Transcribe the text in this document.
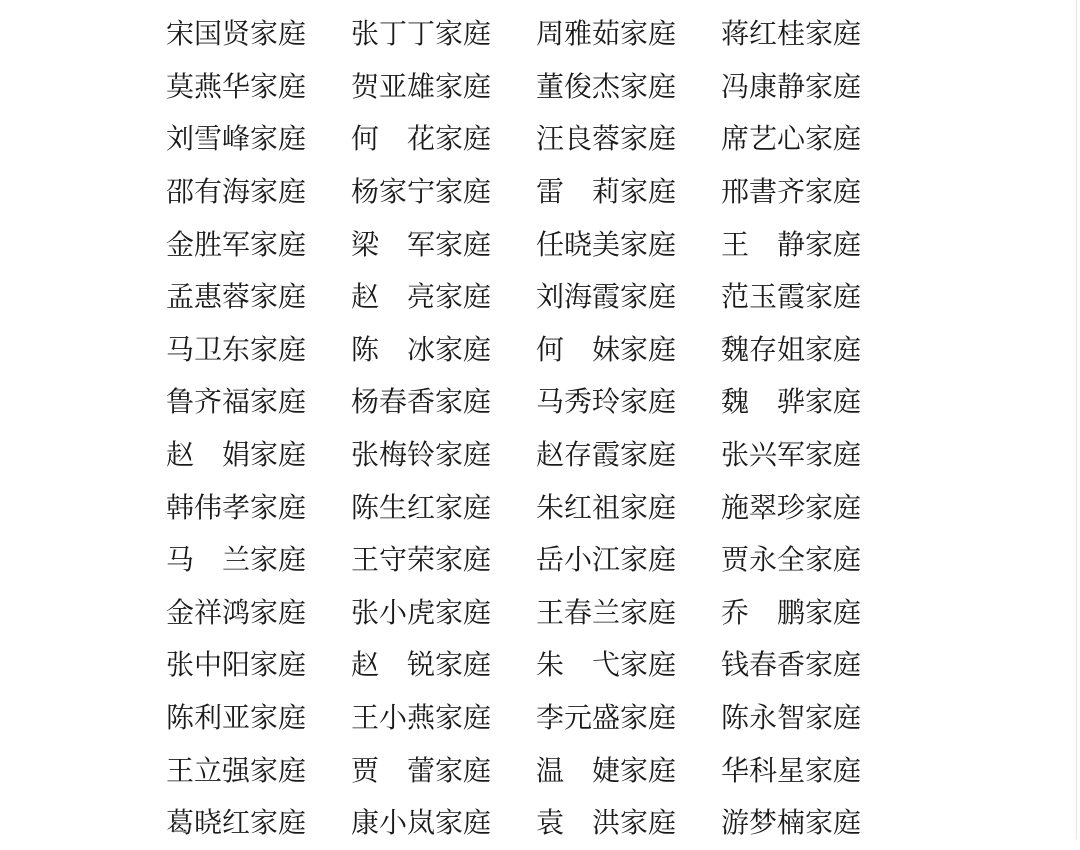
宋国贤家庭	张丁丁家庭	周雅茹家庭	蒋红桂家庭
莫燕华家庭	贺亚雄家庭	董俊杰家庭	冯康静家庭
刘雪峰家庭	何　花家庭	汪良蓉家庭	席艺心家庭
邵有海家庭	杨家宁家庭	雷　莉家庭	邢書齐家庭
金胜军家庭	梁　军家庭	任晓美家庭	王　静家庭
孟惠蓉家庭	赵　亮家庭	刘海霞家庭	范玉霞家庭
马卫东家庭	陈　冰家庭	何　妹家庭	魏存姐家庭
鲁齐福家庭	杨春香家庭	马秀玲家庭	魏　骅家庭
赵　娟家庭	张梅铃家庭	赵存霞家庭	张兴军家庭
韩伟孝家庭	陈生红家庭	朱红祖家庭	施翠珍家庭
马　兰家庭	王守荣家庭	岳小江家庭	贾永全家庭
金祥鸿家庭	张小虎家庭	王春兰家庭	乔　鹏家庭
张中阳家庭	赵　锐家庭	朱　弋家庭	钱春香家庭
陈利亚家庭	王小燕家庭	李元盛家庭	陈永智家庭
王立强家庭	贾　蕾家庭	温　婕家庭	华科星家庭
葛晓红家庭	康小岚家庭	袁　洪家庭	游梦楠家庭
